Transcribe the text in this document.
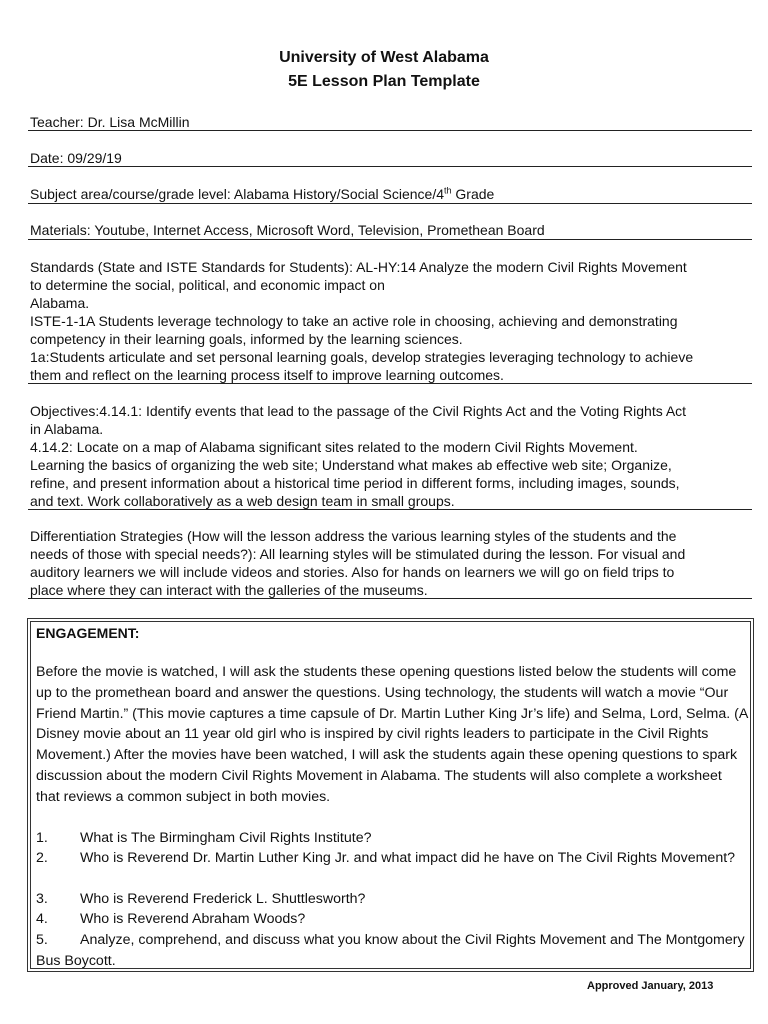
University of West Alabama
5E Lesson Plan Template
Teacher: Dr. Lisa McMillin
Date: 09/29/19
Subject area/course/grade level: Alabama History/Social Science/4th Grade
Materials: Youtube, Internet Access, Microsoft Word, Television, Promethean Board
Standards (State and ISTE Standards for Students): AL-HY:14 Analyze the modern Civil Rights Movement
to determine the social, political, and economic impact on
Alabama.
ISTE-1-1A Students leverage technology to take an active role in choosing, achieving and demonstrating
competency in their learning goals, informed by the learning sciences.
1a:Students articulate and set personal learning goals, develop strategies leveraging technology to achieve
them and reflect on the learning process itself to improve learning outcomes.
Objectives:4.14.1: Identify events that lead to the passage of the Civil Rights Act and the Voting Rights Act
in Alabama.
4.14.2: Locate on a map of Alabama significant sites related to the modern Civil Rights Movement.
Learning the basics of organizing the web site; Understand what makes ab effective web site; Organize,
refine, and present information about a historical time period in different forms, including images, sounds,
and text. Work collaboratively as a web design team in small groups.
Differentiation Strategies (How will the lesson address the various learning styles of the students and the
needs of those with special needs?): All learning styles will be stimulated during the lesson. For visual and
auditory learners we will include videos and stories. Also for hands on learners we will go on field trips to
place where they can interact with the galleries of the museums.
ENGAGEMENT:
Before the movie is watched, I will ask the students these opening questions listed below the students will come up to the promethean board and answer the questions. Using technology, the students will watch a movie “Our Friend Martin.” (This movie captures a time capsule of Dr. Martin Luther King Jr’s life) and Selma, Lord, Selma. (A Disney movie about an 11 year old girl who is inspired by civil rights leaders to participate in the Civil Rights Movement.) After the movies have been watched, I will ask the students again these opening questions to spark discussion about the modern Civil Rights Movement in Alabama. The students will also complete a worksheet that reviews a common subject in both movies.
1. What is The Birmingham Civil Rights Institute?
2. Who is Reverend Dr. Martin Luther King Jr. and what impact did he have on The Civil Rights Movement?
3. Who is Reverend Frederick L. Shuttlesworth?
4. Who is Reverend Abraham Woods?
5. Analyze, comprehend, and discuss what you know about the Civil Rights Movement and The Montgomery Bus Boycott.
Approved January, 2013
